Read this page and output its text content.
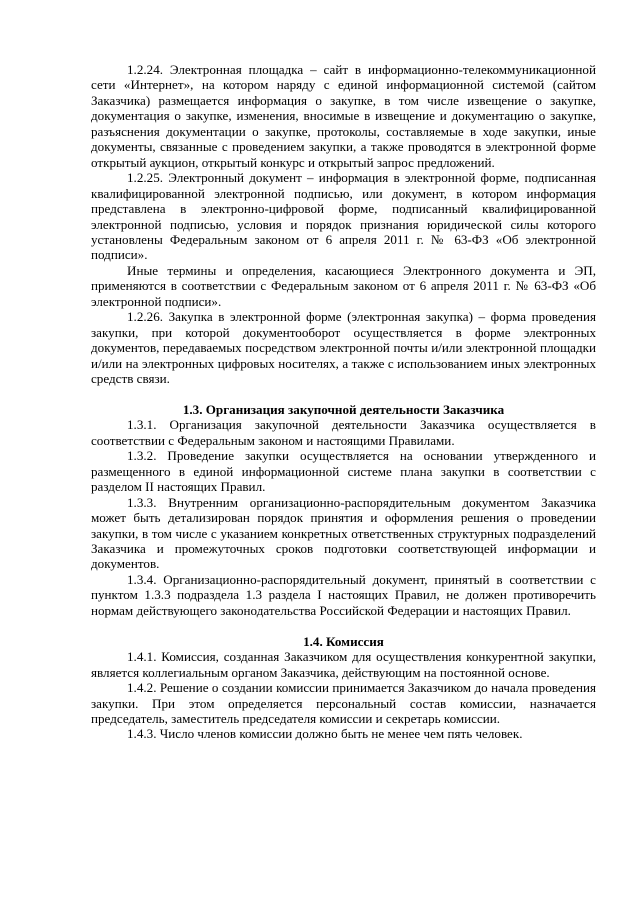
1.2.24. Электронная площадка – сайт в информационно-телекоммуникационной сети «Интернет», на котором наряду с единой информационной системой (сайтом Заказчика) размещается информация о закупке, в том числе извещение о закупке, документация о закупке, изменения, вносимые в извещение и документацию о закупке, разъяснения документации о закупке, протоколы, составляемые в ходе закупки, иные документы, связанные с проведением закупки, а также проводятся в электронной форме открытый аукцион, открытый конкурс и открытый запрос предложений.

1.2.25. Электронный документ – информация в электронной форме, подписанная квалифицированной электронной подписью, или документ, в котором информация представлена в электронно-цифровой форме, подписанный квалифицированной электронной подписью, условия и порядок признания юридической силы которого установлены Федеральным законом от 6 апреля 2011 г. № 63-ФЗ «Об электронной подписи».

Иные термины и определения, касающиеся Электронного документа и ЭП, применяются в соответствии с Федеральным законом от 6 апреля 2011 г. № 63-ФЗ «Об электронной подписи».

1.2.26. Закупка в электронной форме (электронная закупка) – форма проведения закупки, при которой документооборот осуществляется в форме электронных документов, передаваемых посредством электронной почты и/или электронной площадки и/или на электронных цифровых носителях, а также с использованием иных электронных средств связи.

1.3. Организация закупочной деятельности Заказчика

1.3.1. Организация закупочной деятельности Заказчика осуществляется в соответствии с Федеральным законом и настоящими Правилами.

1.3.2. Проведение закупки осуществляется на основании утвержденного и размещенного в единой информационной системе плана закупки в соответствии с разделом II настоящих Правил.

1.3.3. Внутренним организационно-распорядительным документом Заказчика может быть детализирован порядок принятия и оформления решения о проведении закупки, в том числе с указанием конкретных ответственных структурных подразделений Заказчика и промежуточных сроков подготовки соответствующей информации и документов.

1.3.4. Организационно-распорядительный документ, принятый в соответствии с пунктом 1.3.3 подраздела 1.3 раздела I настоящих Правил, не должен противоречить нормам действующего законодательства Российской Федерации и настоящих Правил.

1.4. Комиссия

1.4.1. Комиссия, созданная Заказчиком для осуществления конкурентной закупки, является коллегиальным органом Заказчика, действующим на постоянной основе.

1.4.2. Решение о создании комиссии принимается Заказчиком до начала проведения закупки. При этом определяется персональный состав комиссии, назначается председатель, заместитель председателя комиссии и секретарь комиссии.

1.4.3. Число членов комиссии должно быть не менее чем пять человек.
